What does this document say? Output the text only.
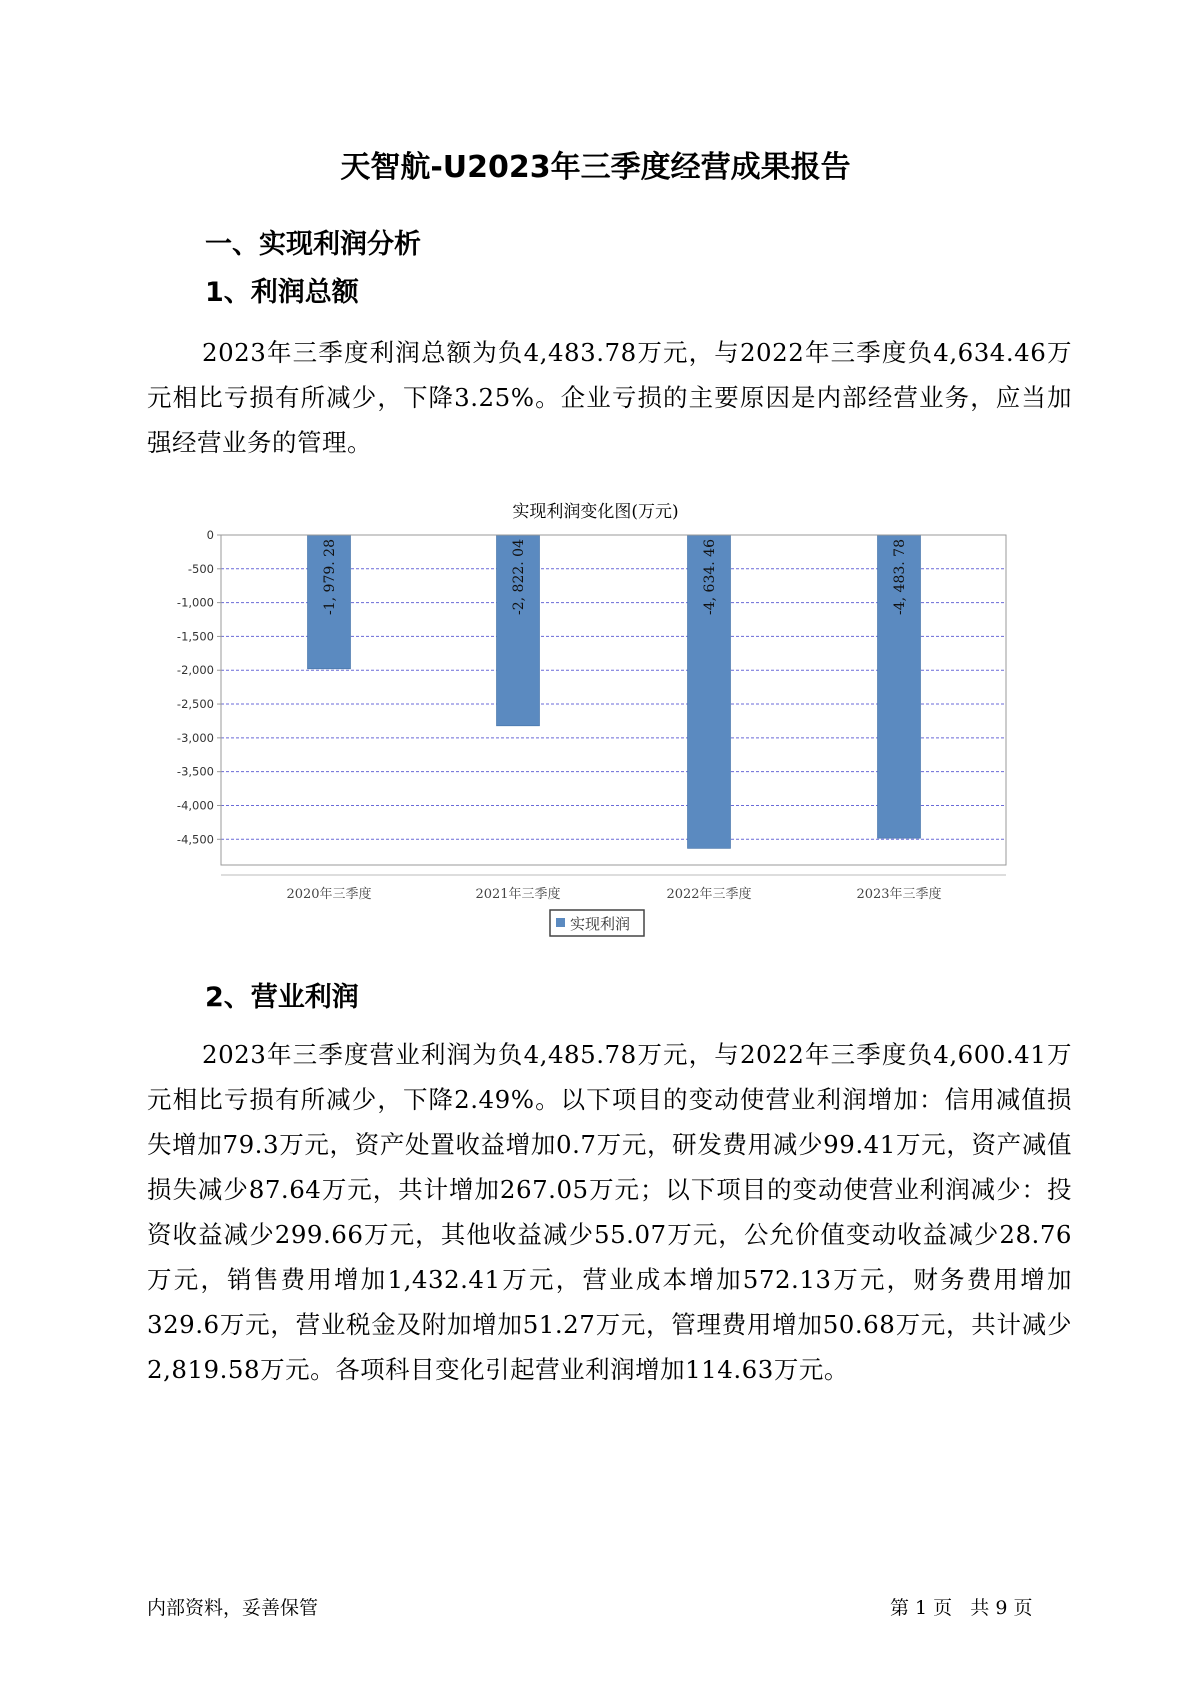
天智航-U2023年三季度经营成果报告
一、实现利润分析
1、利润总额

2023年三季度利润总额为负4,483.78万元，与2022年三季度负4,634.46万元相比亏损有所减少，下降3.25%。企业亏损的主要原因是内部经营业务，应当加强经营业务的管理。

实现利润变化图(万元)
-1, 979. 28	-2, 822. 04	-4, 634. 46	-4, 483. 78
0
-500
-1,000
-1,500
-2,000
-2,500
-3,000
-3,500
-4,000
-4,500
2020年三季度	2021年三季度	2022年三季度	2023年三季度
实现利润
2、营业利润

2023年三季度营业利润为负4,485.78万元，与2022年三季度负4,600.41万元相比亏损有所减少，下降2.49%。以下项目的变动使营业利润增加：信用减值损失增加79.3万元，资产处置收益增加0.7万元，研发费用减少99.41万元，资产减值损失减少87.64万元，共计增加267.05万元；以下项目的变动使营业利润减少：投资收益减少299.66万元，其他收益减少55.07万元，公允价值变动收益减少28.76万元，销售费用增加1,432.41万元，营业成本增加572.13万元，财务费用增加329.6万元，营业税金及附加增加51.27万元，管理费用增加50.68万元，共计减少2,819.58万元。各项科目变化引起营业利润增加114.63万元。

内部资料，妥善保管	第 1 页   共 9 页
